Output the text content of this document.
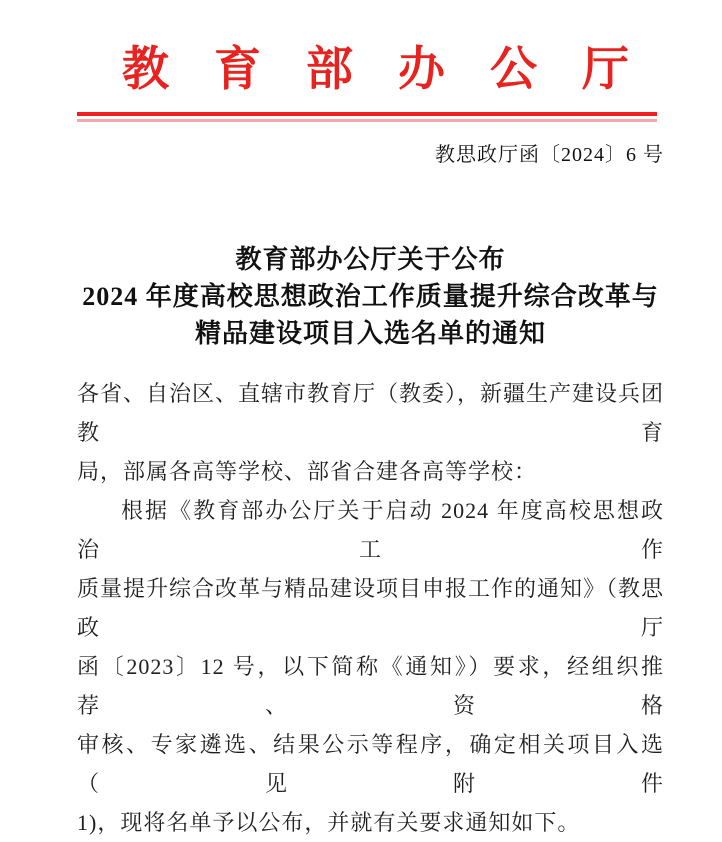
教育部办公厅
教思政厅函〔2024〕6 号
教育部办公厅关于公布
2024 年度高校思想政治工作质量提升综合改革与
精品建设项目入选名单的通知
各省、自治区、直辖市教育厅（教委），新疆生产建设兵团教育
局，部属各高等学校、部省合建各高等学校：
根据《教育部办公厅关于启动 2024 年度高校思想政治工作
质量提升综合改革与精品建设项目申报工作的通知》（教思政厅
函〔2023〕12 号，以下简称《通知》）要求，经组织推荐、资格
审核、专家遴选、结果公示等程序，确定相关项目入选（见附件
1)，现将名单予以公布，并就有关要求通知如下。
